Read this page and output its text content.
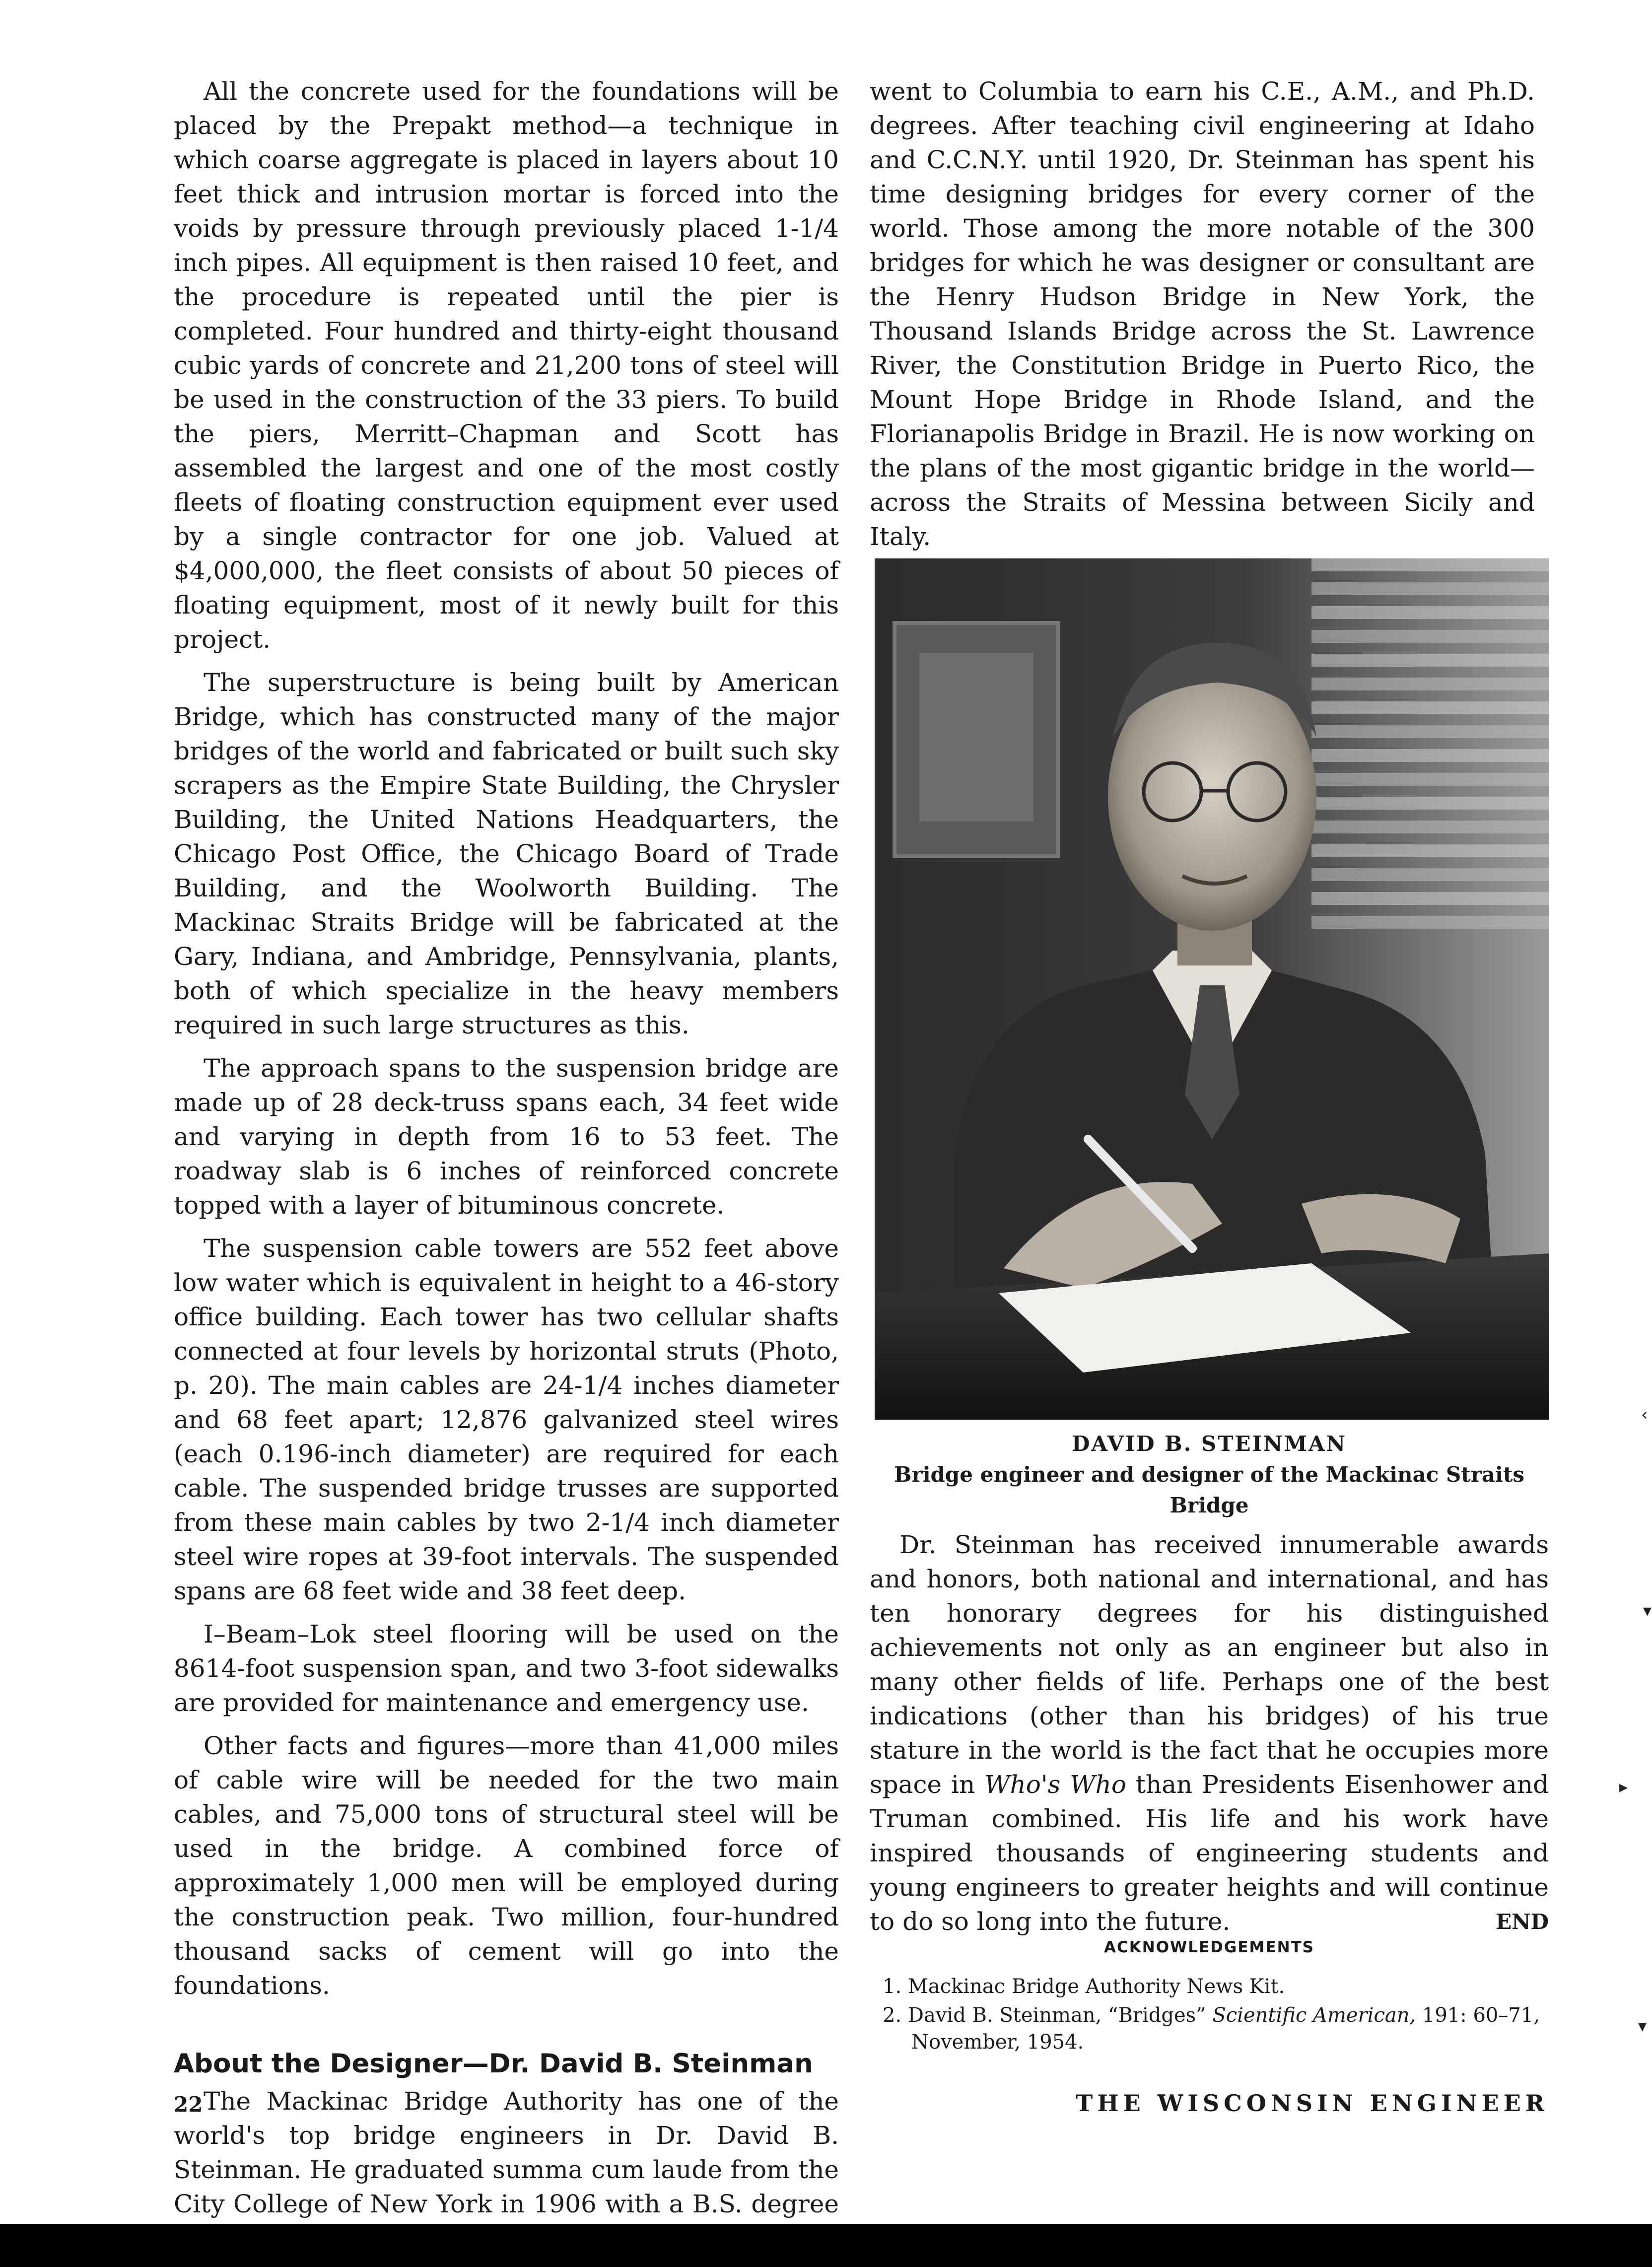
All the concrete used for the foundations will be placed by the Prepakt method—a technique in which coarse aggregate is placed in layers about 10 feet thick and intrusion mortar is forced into the voids by pressure through previously placed 1-1/4 inch pipes. All equipment is then raised 10 feet, and the procedure is repeated until the pier is completed. Four hundred and thirty-eight thousand cubic yards of concrete and 21,200 tons of steel will be used in the construction of the 33 piers. To build the piers, Merritt–Chapman and Scott has assembled the largest and one of the most costly fleets of floating construction equipment ever used by a single contractor for one job. Valued at $4,000,000, the fleet consists of about 50 pieces of floating equipment, most of it newly built for this project.

The superstructure is being built by American Bridge, which has constructed many of the major bridges of the world and fabricated or built such sky scrapers as the Empire State Building, the Chrysler Building, the United Nations Headquarters, the Chicago Post Office, the Chicago Board of Trade Building, and the Woolworth Building. The Mackinac Straits Bridge will be fabricated at the Gary, Indiana, and Ambridge, Pennsylvania, plants, both of which specialize in the heavy members required in such large structures as this.

The approach spans to the suspension bridge are made up of 28 deck-truss spans each, 34 feet wide and varying in depth from 16 to 53 feet. The roadway slab is 6 inches of reinforced concrete topped with a layer of bituminous concrete.

The suspension cable towers are 552 feet above low water which is equivalent in height to a 46-story office building. Each tower has two cellular shafts connected at four levels by horizontal struts (Photo, p. 20). The main cables are 24-1/4 inches diameter and 68 feet apart; 12,876 galvanized steel wires (each 0.196-inch diameter) are required for each cable. The suspended bridge trusses are supported from these main cables by two 2-1/4 inch diameter steel wire ropes at 39-foot intervals. The suspended spans are 68 feet wide and 38 feet deep.

I–Beam–Lok steel flooring will be used on the 8614-foot suspension span, and two 3-foot sidewalks are provided for maintenance and emergency use.

Other facts and figures—more than 41,000 miles of cable wire will be needed for the two main cables, and 75,000 tons of structural steel will be used in the bridge. A combined force of approximately 1,000 men will be employed during the construction peak. Two million, four-hundred thousand sacks of cement will go into the foundations.

About the Designer—Dr. David B. Steinman

The Mackinac Bridge Authority has one of the world's top bridge engineers in Dr. David B. Steinman. He graduated summa cum laude from the City College of New York in 1906 with a B.S. degree

went to Columbia to earn his C.E., A.M., and Ph.D. degrees. After teaching civil engineering at Idaho and C.C.N.Y. until 1920, Dr. Steinman has spent his time designing bridges for every corner of the world. Those among the more notable of the 300 bridges for which he was designer or consultant are the Henry Hudson Bridge in New York, the Thousand Islands Bridge across the St. Lawrence River, the Constitution Bridge in Puerto Rico, the Mount Hope Bridge in Rhode Island, and the Florianapolis Bridge in Brazil. He is now working on the plans of the most gigantic bridge in the world—across the Straits of Messina between Sicily and Italy.

DAVID B. STEINMAN
Bridge engineer and designer of the Mackinac Straits Bridge

Dr. Steinman has received innumerable awards and honors, both national and international, and has ten honorary degrees for his distinguished achievements not only as an engineer but also in many other fields of life. Perhaps one of the best indications (other than his bridges) of his true stature in the world is the fact that he occupies more space in Who's Who than Presidents Eisenhower and Truman combined. His life and his work have inspired thousands of engineering students and young engineers to greater heights and will continue to do so long into the future.	END

ACKNOWLEDGEMENTS
1. Mackinac Bridge Authority News Kit.
2. David B. Steinman, “Bridges” Scientific American, 191: 60–71, November, 1954.
22	THE WISCONSIN ENGINEER
‹
▾
▸
▾
